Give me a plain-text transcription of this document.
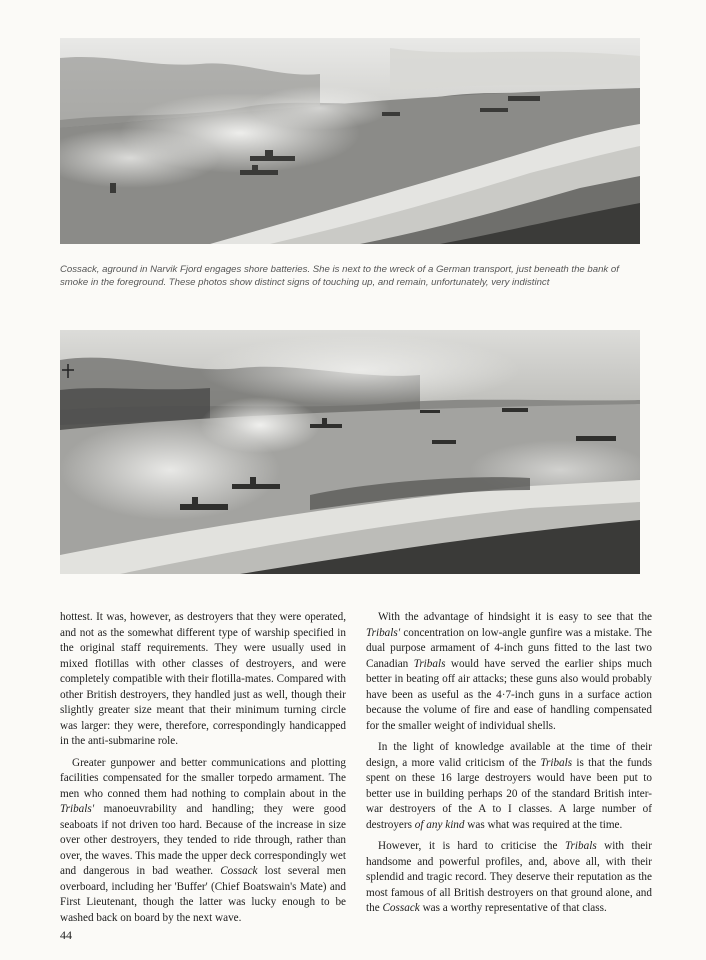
Cossack, aground in Narvik Fjord engages shore batteries. She is next to the wreck of a German transport, just beneath the bank of smoke in the foreground. These photos show distinct signs of touching up, and remain, unfortunately, very indistinct

hottest. It was, however, as destroyers that they were operated, and not as the somewhat different type of warship specified in the original staff requirements. They were usually used in mixed flotillas with other classes of destroyers, and were completely compatible with their flotilla-mates. Compared with other British destroyers, they handled just as well, though their slightly greater size meant that their minimum turning circle was larger: they were, therefore, correspondingly handicapped in the anti-submarine role.

Greater gunpower and better communications and plotting facilities compensated for the smaller torpedo armament. The men who conned them had nothing to complain about in the Tribals' manoeuvrability and handling; they were good seaboats if not driven too hard. Because of the increase in size over other destroyers, they tended to ride through, rather than over, the waves. This made the upper deck correspondingly wet and dangerous in bad weather. Cossack lost several men overboard, including her 'Buffer' (Chief Boatswain's Mate) and First Lieutenant, though the latter was lucky enough to be washed back on board by the next wave.

With the advantage of hindsight it is easy to see that the Tribals' concentration on low-angle gunfire was a mistake. The dual purpose armament of 4-inch guns fitted to the last two Canadian Tribals would have served the earlier ships much better in beating off air attacks; these guns also would probably have been as useful as the 4·7-inch guns in a surface action because the volume of fire and ease of handling compensated for the smaller weight of individual shells.

In the light of knowledge available at the time of their design, a more valid criticism of the Tribals is that the funds spent on these 16 large destroyers would have been put to better use in building perhaps 20 of the standard British inter-war destroyers of the A to I classes. A large number of destroyers of any kind was what was required at the time.

However, it is hard to criticise the Tribals with their handsome and powerful profiles, and, above all, with their splendid and tragic record. They deserve their reputation as the most famous of all British destroyers on that ground alone, and the Cossack was a worthy representative of that class.

44
